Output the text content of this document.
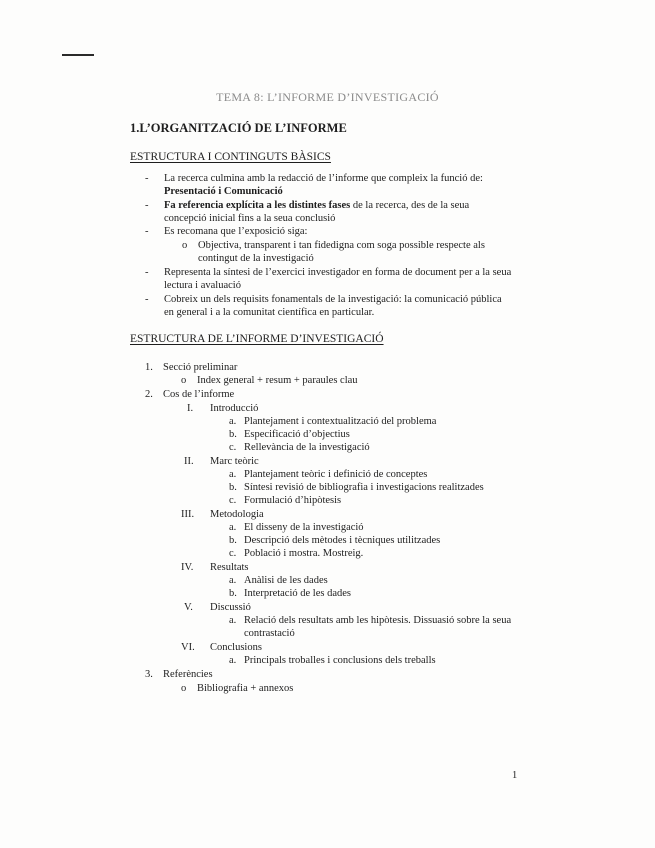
TEMA 8: L’INFORME D’INVESTIGACIÓ
1.L’ORGANITZACIÓ DE L’INFORME
ESTRUCTURA I CONTINGUTS BÀSICS
- La recerca culmina amb la redacció de l’informe que compleix la funció de:
Presentació i Comunicació
- Fa referencia explícita a les distintes fases de la recerca, des de la seua
concepció inicial fins a la seua conclusió
- Es recomana que l’exposició siga:
o Objectiva, transparent i tan fidedigna com soga possible respecte als
contingut de la investigació
- Representa la síntesi de l’exercici investigador en forma de document per a la seua
lectura i avaluació
- Cobreix un dels requisits fonamentals de la investigació: la comunicació pública
en general i a la comunitat científica en particular.
ESTRUCTURA DE L’INFORME D’INVESTIGACIÓ
1. Secció preliminar
o Index general + resum + paraules clau
2. Cos de l’informe
I. Introducció
a. Plantejament i contextualització del problema
b. Especificació d’objectius
c. Rellevància de la investigació
II. Marc teòric
a. Plantejament teòric i definició de conceptes
b. Síntesi revisió de bibliografia i investigacions realitzades
c. Formulació d’hipòtesis
III. Metodologia
a. El disseny de la investigació
b. Descripció dels mètodes i tècniques utilitzades
c. Població i mostra. Mostreig.
IV. Resultats
a. Anàlisi de les dades
b. Interpretació de les dades
V. Discussió
a. Relació dels resultats amb les hipòtesis. Dissuasió sobre la seua
contrastació
VI. Conclusions
a. Principals troballes i conclusions dels treballs
3. Referències
o Bibliografia + annexos
1
